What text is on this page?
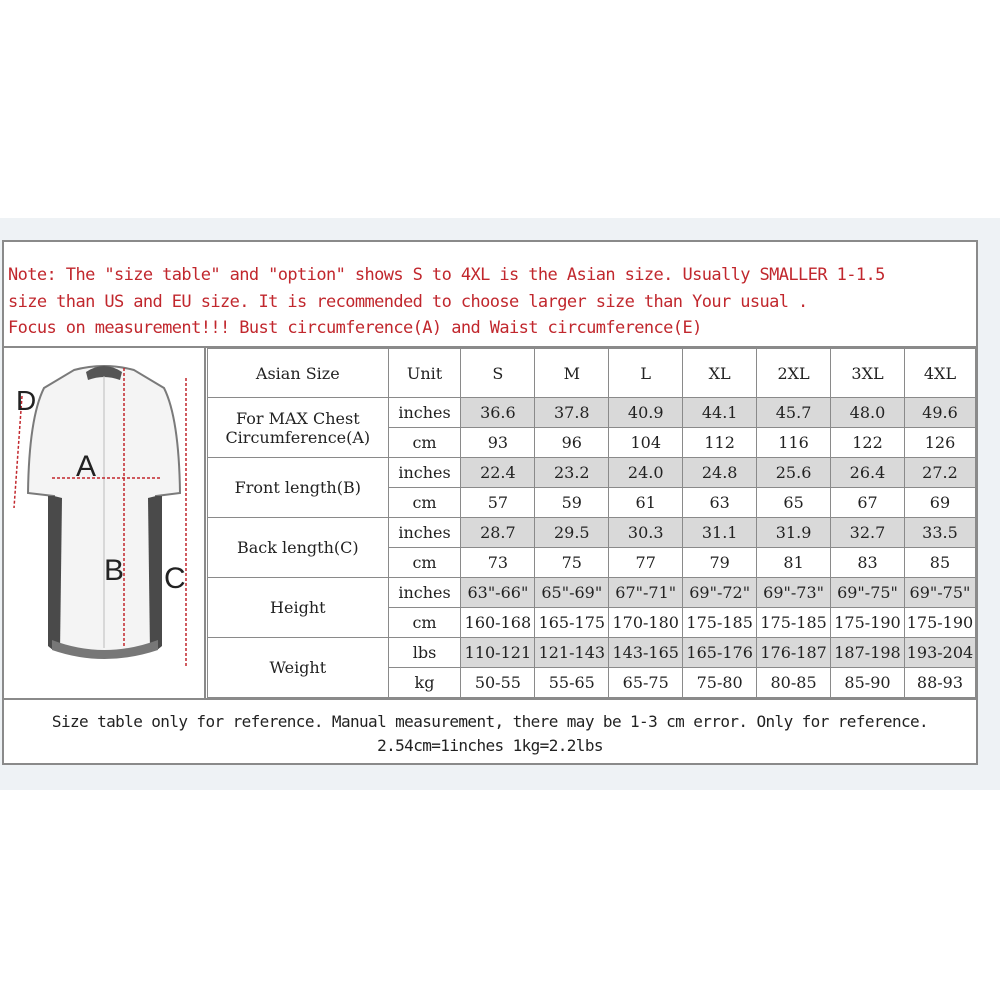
Note: The "size table" and "option" shows S to 4XL is the Asian size. Usually SMALLER 1-1.5
size than US and EU size. It is recommended to choose larger size than Your usual .
Focus on measurement!!! Bust circumference(A) and Waist circumference(E)
D
A
B C
Asian Size	Unit	S	M	L	XL	2XL	3XL	4XL

For MAX Chest
Circumference(A)	inches	36.6	37.8	40.9	44.1	45.7	48.0	49.6
	cm	93	96	104	112	116	122	126
Front length(B)	inches	22.4	23.2	24.0	24.8	25.6	26.4	27.2
	cm	57	59	61	63	65	67	69
Back length(C)	inches	28.7	29.5	30.3	31.1	31.9	32.7	33.5
	cm	73	75	77	79	81	83	85
Height	inches	63"-66"	65"-69"	67"-71"	69"-72"	69"-73"	69"-75"	69"-75"
	cm	160-168	165-175	170-180	175-185	175-185	175-190	175-190
Weight	lbs	110-121	121-143	143-165	165-176	176-187	187-198	193-204
	kg	50-55	55-65	65-75	75-80	80-85	85-90	88-93
Size table only for reference. Manual measurement, there may be 1-3 cm error. Only for reference.
2.54cm=1inches 1kg=2.2lbs
